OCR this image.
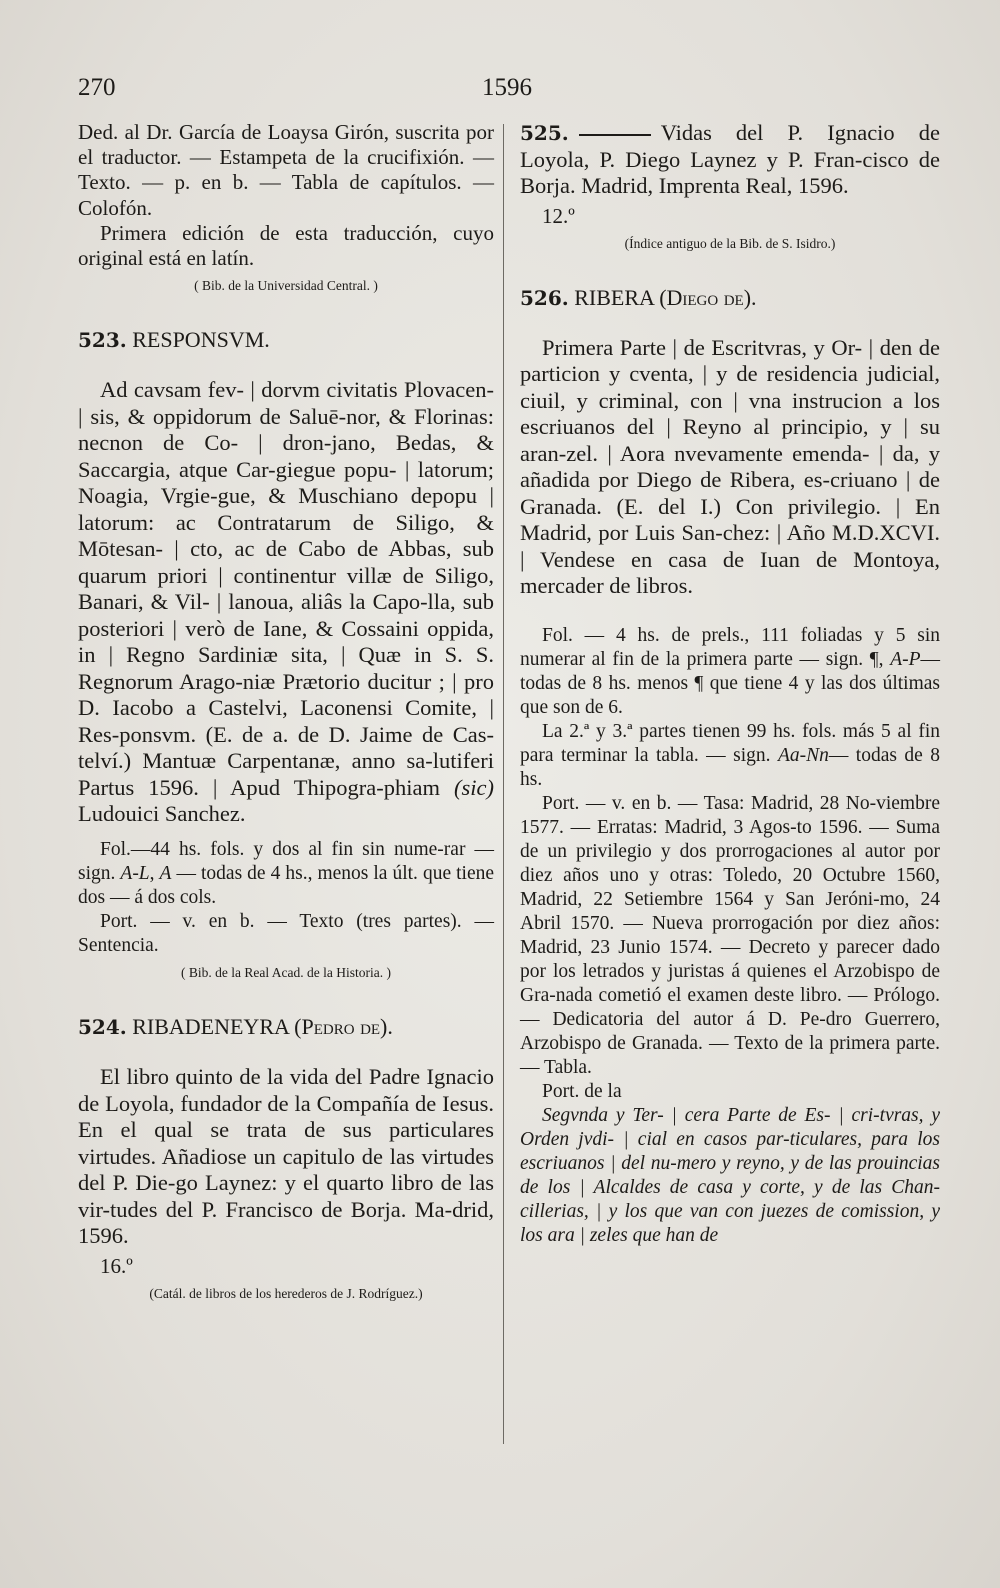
270	1596

Ded. al Dr. García de Loaysa Girón, suscrita por el traductor. — Estampeta de la crucifixión. — Texto. — p. en b. — Tabla de capítulos. — Colofón.

Primera edición de esta traducción, cuyo original está en latín.

( Bib. de la Universidad Central. )

523. RESPONSVM.

Ad cavsam fev- | dorvm civitatis Plovacen- | sis, & oppidorum de Saluē-nor, & Florinas: necnon de Co- | dron-jano, Bedas, & Saccargia, atque Car-giegue popu- | latorum; Noagia, Vrgie-gue, & Muschiano depopu | latorum: ac Contratarum de Siligo, & Mōtesan- | cto, ac de Cabo de Abbas, sub quarum priori | continentur villæ de Siligo, Banari, & Vil- | lanoua, aliâs la Capo-lla, sub posteriori | verò de Iane, & Cossaini oppida, in | Regno Sardiniæ sita, | Quæ in S. S. Regnorum Arago-niæ Prætorio ducitur ; | pro D. Iacobo a Castelvi, Laconensi Comite, | Res-ponsvm. (E. de a. de D. Jaime de Cas-telví.) Mantuæ Carpentanæ, anno sa-lutiferi Partus 1596. | Apud Thipogra-phiam (sic) Ludouici Sanchez.

Fol.—44 hs. fols. y dos al fin sin nume-rar — sign. A-L, A — todas de 4 hs., menos la últ. que tiene dos — á dos cols.

Port. — v. en b. — Texto (tres partes). — Sentencia.

( Bib. de la Real Acad. de la Historia. )

524. RIBADENEYRA (Pedro de).

El libro quinto de la vida del Padre Ignacio de Loyola, fundador de la Compañía de Iesus. En el qual se trata de sus particulares virtudes. Añadiose un capitulo de las virtudes del P. Die-go Laynez: y el quarto libro de las vir-tudes del P. Francisco de Borja. Ma-drid, 1596.

16.º

(Catál. de libros de los herederos de J. Rodríguez.)

525.	Vidas del P. Ignacio de Loyola, P. Diego Laynez y P. Fran-cisco de Borja. Madrid, Imprenta Real, 1596.

12.º

(Índice antiguo de la Bib. de S. Isidro.)

526. RIBERA (Diego de).

Primera Parte | de Escritvras, y Or- | den de particion y cventa, | y de residencia judicial, ciuil, y criminal, con | vna instrucion a los escriuanos del | Reyno al principio, y | su aran-zel. | Aora nvevamente emenda- | da, y añadida por Diego de Ribera, es-criuano | de Granada. (E. del I.) Con privilegio. | En Madrid, por Luis San-chez: | Año M.D.XCVI. | Vendese en casa de Iuan de Montoya, mercader de libros.

Fol. — 4 hs. de prels., 111 foliadas y 5 sin numerar al fin de la primera parte — sign. ¶, A-P—todas de 8 hs. menos ¶ que tiene 4 y las dos últimas que son de 6.

La 2.ª y 3.ª partes tienen 99 hs. fols. más 5 al fin para terminar la tabla. — sign. Aa-Nn— todas de 8 hs.

Port. — v. en b. — Tasa: Madrid, 28 No-viembre 1577. — Erratas: Madrid, 3 Agos-to 1596. — Suma de un privilegio y dos prorrogaciones al autor por diez años uno y otras: Toledo, 20 Octubre 1560, Madrid, 22 Setiembre 1564 y San Jeróni-mo, 24 Abril 1570. — Nueva prorrogación por diez años: Madrid, 23 Junio 1574. — Decreto y parecer dado por los letrados y juristas á quienes el Arzobispo de Gra-nada cometió el examen deste libro. — Prólogo. — Dedicatoria del autor á D. Pe-dro Guerrero, Arzobispo de Granada. — Texto de la primera parte. — Tabla.

Port. de la

Segvnda y Ter- | cera Parte de Es- | cri-tvras, y Orden jvdi- | cial en casos par-ticulares, para los escriuanos | del nu-mero y reyno, y de las prouincias de los | Alcaldes de casa y corte, y de las Chan-cillerias, | y los que van con juezes de comission, y los ara | zeles que han de
